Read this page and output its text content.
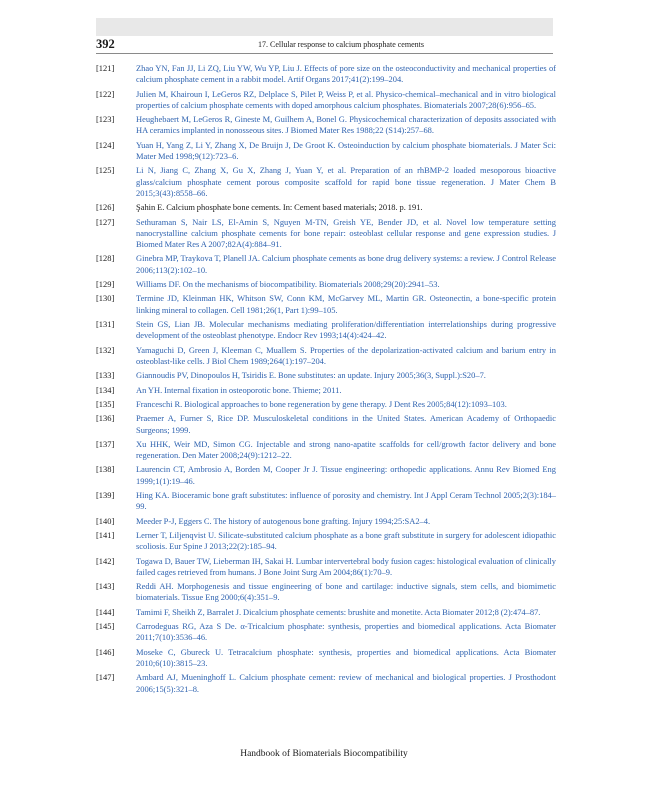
392	17. Cellular response to calcium phosphate cements
[121]	Zhao YN, Fan JJ, Li ZQ, Liu YW, Wu YP, Liu J. Effects of pore size on the osteoconductivity and mechanical properties of calcium phosphate cement in a rabbit model. Artif Organs 2017;41(2):199–204.
[122]	Julien M, Khairoun I, LeGeros RZ, Delplace S, Pilet P, Weiss P, et al. Physico-chemical–mechanical and in vitro biological properties of calcium phosphate cements with doped amorphous calcium phosphates. Biomaterials 2007;28(6):956–65.
[123]	Heughebaert M, LeGeros R, Gineste M, Guilhem A, Bonel G. Physicochemical characterization of deposits associated with HA ceramics implanted in nonosseous sites. J Biomed Mater Res 1988;22 (S14):257–68.
[124]	Yuan H, Yang Z, Li Y, Zhang X, De Bruijn J, De Groot K. Osteoinduction by calcium phosphate biomaterials. J Mater Sci: Mater Med 1998;9(12):723–6.
[125]	Li N, Jiang C, Zhang X, Gu X, Zhang J, Yuan Y, et al. Preparation of an rhBMP-2 loaded mesoporous bioactive glass/calcium phosphate cement porous composite scaffold for rapid bone tissue regeneration. J Mater Chem B 2015;3(43):8558–66.
[126]	Şahin E. Calcium phosphate bone cements. In: Cement based materials; 2018. p. 191.
[127]	Sethuraman S, Nair LS, El-Amin S, Nguyen M-TN, Greish YE, Bender JD, et al. Novel low temperature setting nanocrystalline calcium phosphate cements for bone repair: osteoblast cellular response and gene expression studies. J Biomed Mater Res A 2007;82A(4):884–91.
[128]	Ginebra MP, Traykova T, Planell JA. Calcium phosphate cements as bone drug delivery systems: a review. J Control Release 2006;113(2):102–10.
[129]	Williams DF. On the mechanisms of biocompatibility. Biomaterials 2008;29(20):2941–53.
[130]	Termine JD, Kleinman HK, Whitson SW, Conn KM, McGarvey ML, Martin GR. Osteonectin, a bone-specific protein linking mineral to collagen. Cell 1981;26(1, Part 1):99–105.
[131]	Stein GS, Lian JB. Molecular mechanisms mediating proliferation/differentiation interrelationships during progressive development of the osteoblast phenotype. Endocr Rev 1993;14(4):424–42.
[132]	Yamaguchi D, Green J, Kleeman C, Muallem S. Properties of the depolarization-activated calcium and barium entry in osteoblast-like cells. J Biol Chem 1989;264(1):197–204.
[133]	Giannoudis PV, Dinopoulos H, Tsiridis E. Bone substitutes: an update. Injury 2005;36(3, Suppl.):S20–7.
[134]	An YH. Internal fixation in osteoporotic bone. Thieme; 2011.
[135]	Franceschi R. Biological approaches to bone regeneration by gene therapy. J Dent Res 2005;84(12):1093–103.
[136]	Praemer A, Furner S, Rice DP. Musculoskeletal conditions in the United States. American Academy of Orthopaedic Surgeons; 1999.
[137]	Xu HHK, Weir MD, Simon CG. Injectable and strong nano-apatite scaffolds for cell/growth factor delivery and bone regeneration. Den Mater 2008;24(9):1212–22.
[138]	Laurencin CT, Ambrosio A, Borden M, Cooper Jr J. Tissue engineering: orthopedic applications. Annu Rev Biomed Eng 1999;1(1):19–46.
[139]	Hing KA. Bioceramic bone graft substitutes: influence of porosity and chemistry. Int J Appl Ceram Technol 2005;2(3):184–99.
[140]	Meeder P-J, Eggers C. The history of autogenous bone grafting. Injury 1994;25:SA2–4.
[141]	Lerner T, Liljenqvist U. Silicate-substituted calcium phosphate as a bone graft substitute in surgery for adolescent idiopathic scoliosis. Eur Spine J 2013;22(2):185–94.
[142]	Togawa D, Bauer TW, Lieberman IH, Sakai H. Lumbar intervertebral body fusion cages: histological evaluation of clinically failed cages retrieved from humans. J Bone Joint Surg Am 2004;86(1):70–9.
[143]	Reddi AH. Morphogenesis and tissue engineering of bone and cartilage: inductive signals, stem cells, and biomimetic biomaterials. Tissue Eng 2000;6(4):351–9.
[144]	Tamimi F, Sheikh Z, Barralet J. Dicalcium phosphate cements: brushite and monetite. Acta Biomater 2012;8 (2):474–87.
[145]	Carrodeguas RG, Aza S De. α-Tricalcium phosphate: synthesis, properties and biomedical applications. Acta Biomater 2011;7(10):3536–46.
[146]	Moseke C, Gbureck U. Tetracalcium phosphate: synthesis, properties and biomedical applications. Acta Biomater 2010;6(10):3815–23.
[147]	Ambard AJ, Mueninghoff L. Calcium phosphate cement: review of mechanical and biological properties. J Prosthodont 2006;15(5):321–8.
Handbook of Biomaterials Biocompatibility
